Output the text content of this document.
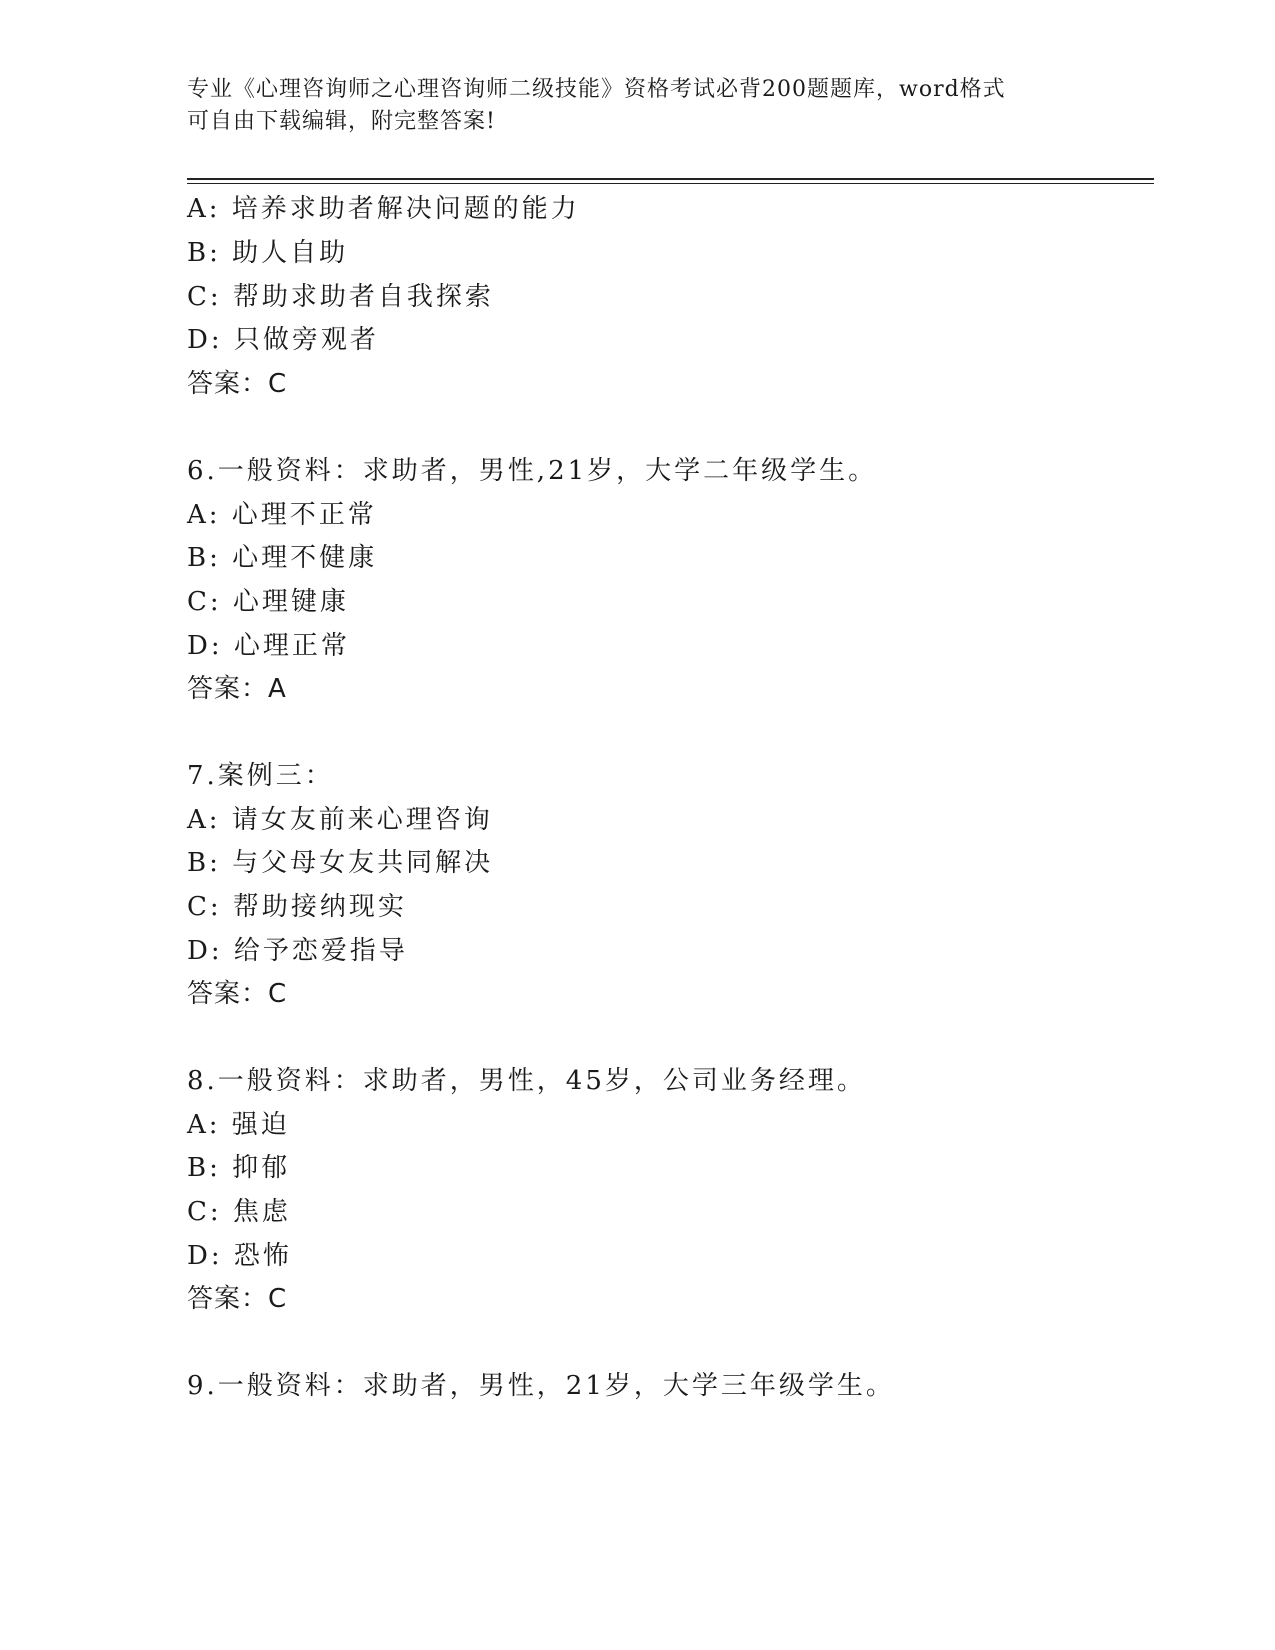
专业《心理咨询师之心理咨询师二级技能》资格考试必背200题题库，word格式
可自由下载编辑，附完整答案!
A: 培养求助者解决问题的能力
B: 助人自助
C: 帮助求助者自我探索
D: 只做旁观者
答案：C
6.一般资料：求助者，男性,21岁，大学二年级学生。
A: 心理不正常
B: 心理不健康
C: 心理键康
D: 心理正常
答案：A
7.案例三：
A: 请女友前来心理咨询
B: 与父母女友共同解决
C: 帮助接纳现实
D: 给予恋爱指导
答案：C
8.一般资料：求助者，男性，45岁，公司业务经理。
A: 强迫
B: 抑郁
C: 焦虑
D: 恐怖
答案：C
9.一般资料：求助者，男性，21岁，大学三年级学生。
